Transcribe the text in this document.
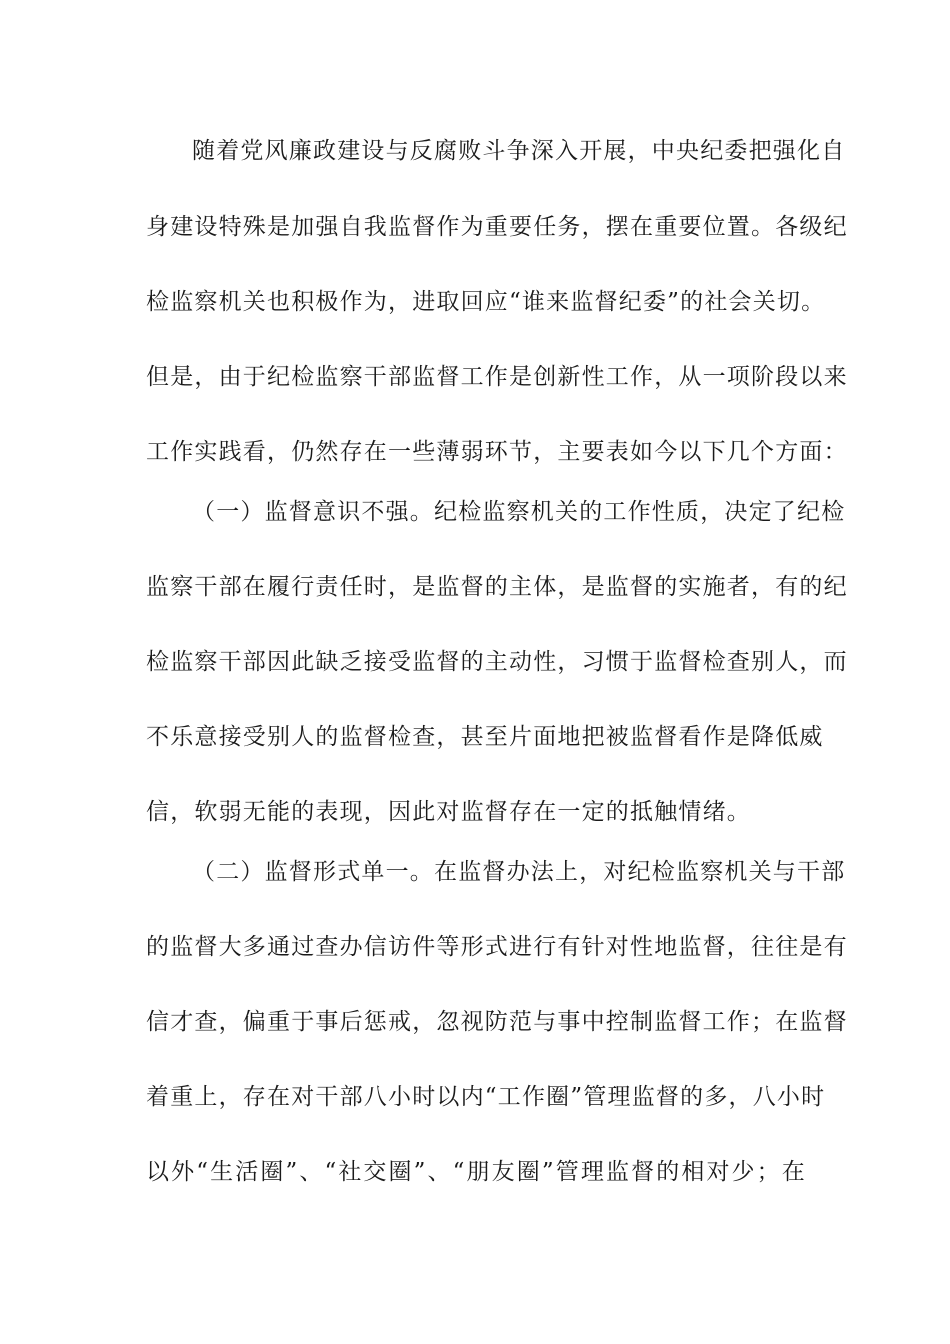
随着党风廉政建设与反腐败斗争深入开展，中央纪委把强化自
身建设特殊是加强自我监督作为重要任务，摆在重要位置。各级纪
检监察机关也积极作为，进取回应“谁来监督纪委”的社会关切。
但是，由于纪检监察干部监督工作是创新性工作，从一项阶段以来
工作实践看，仍然存在一些薄弱环节，主要表如今以下几个方面：
（一）监督意识不强。纪检监察机关的工作性质，决定了纪检
监察干部在履行责任时，是监督的主体，是监督的实施者，有的纪
检监察干部因此缺乏接受监督的主动性，习惯于监督检查别人，而
不乐意接受别人的监督检查，甚至片面地把被监督看作是降低威
信，软弱无能的表现，因此对监督存在一定的抵触情绪。
（二）监督形式单一。在监督办法上，对纪检监察机关与干部
的监督大多通过查办信访件等形式进行有针对性地监督，往往是有
信才查，偏重于事后惩戒，忽视防范与事中控制监督工作；在监督
着重上，存在对干部八小时以内“工作圈”管理监督的多，八小时
以外“生活圈”、“社交圈”、“朋友圈”管理监督的相对少；在
